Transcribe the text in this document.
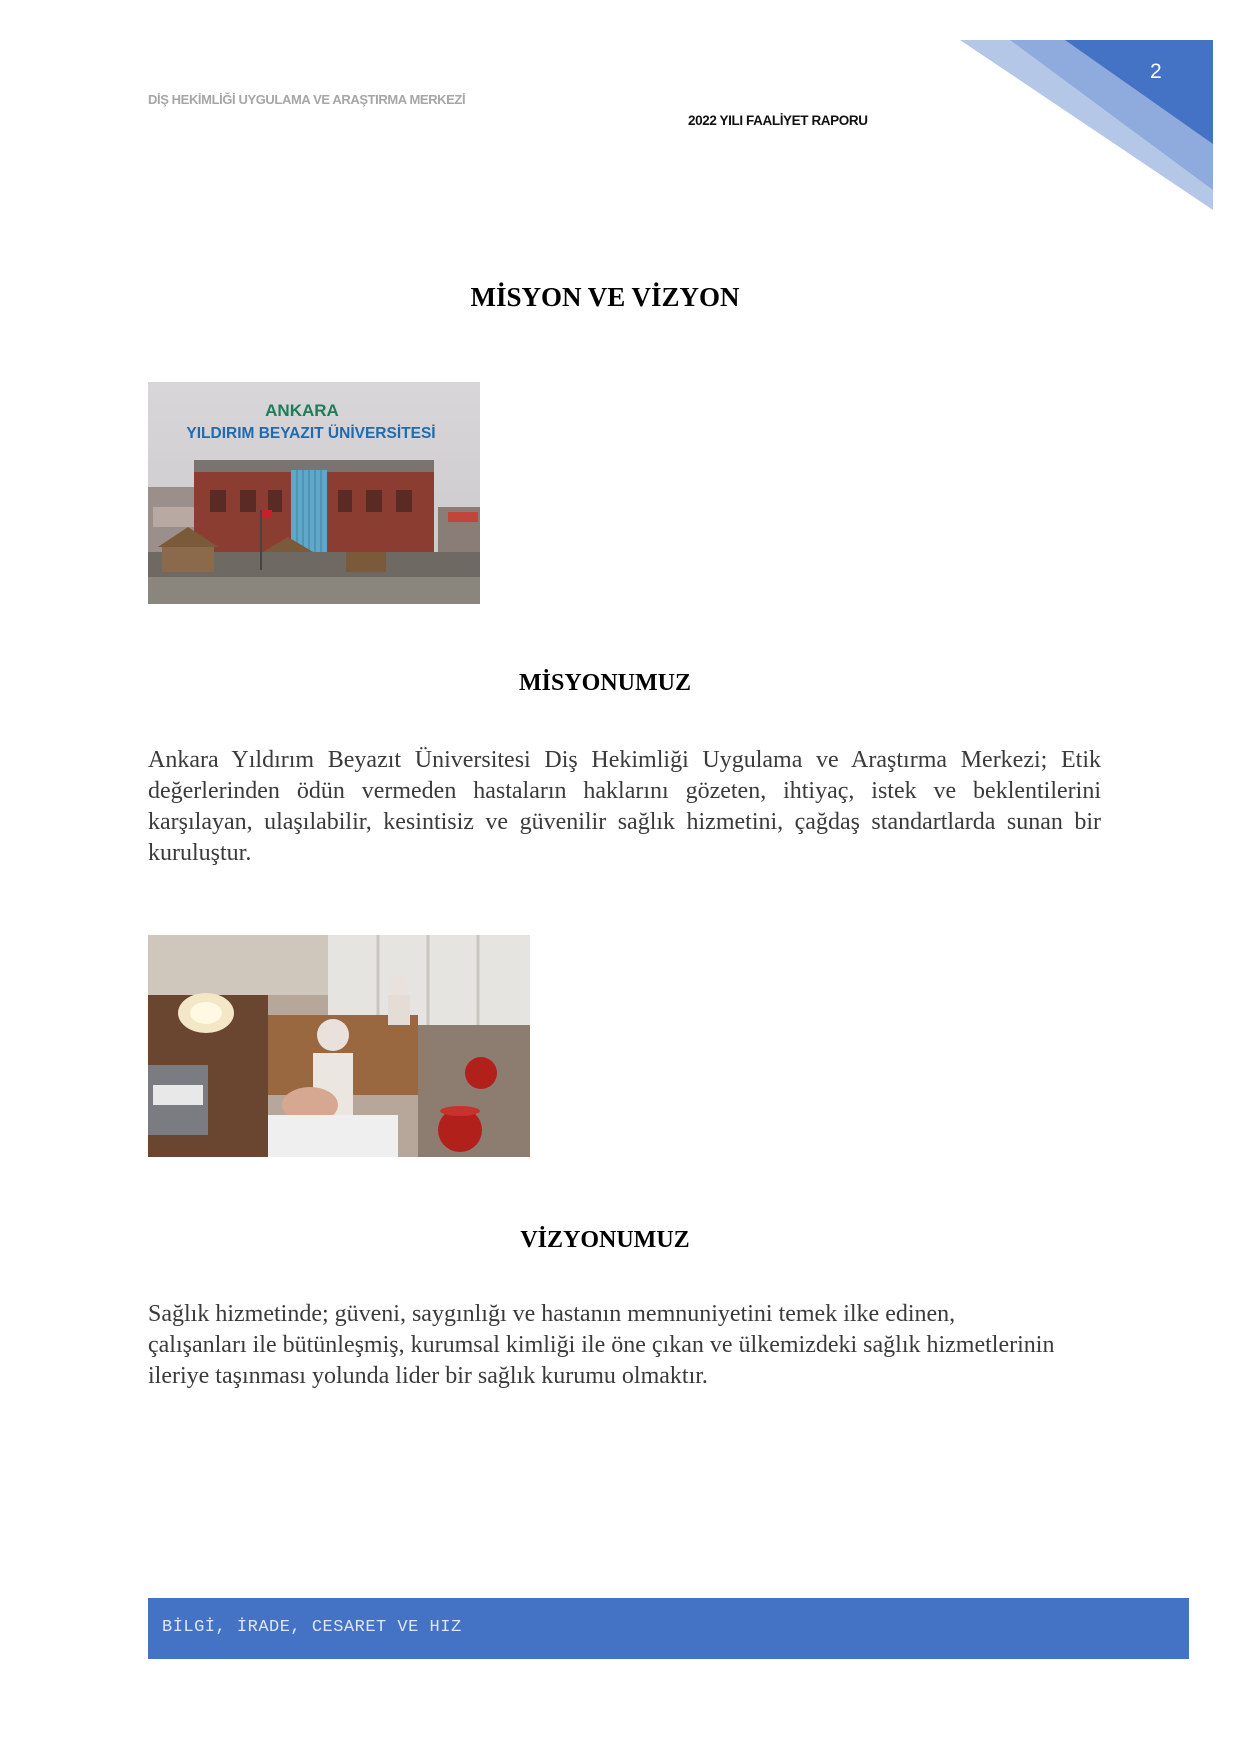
DİŞ HEKİMLİĞİ UYGULAMA VE ARAŞTIRMA MERKEZİ
2022 YILI FAALİYET RAPORU
2
MİSYON VE VİZYON
ANKARA
YILDIRIM BEYAZIT ÜNİVERSİTESİ
MİSYONUMUZ
Ankara Yıldırım Beyazıt Üniversitesi Diş Hekimliği Uygulama ve Araştırma Merkezi; Etik değerlerinden ödün vermeden hastaların haklarını gözeten, ihtiyaç, istek ve beklentilerini karşılayan, ulaşılabilir, kesintisiz ve güvenilir sağlık hizmetini, çağdaş standartlarda sunan bir kuruluştur.
VİZYONUMUZ
Sağlık hizmetinde; güveni, saygınlığı ve hastanın memnuniyetini temek ilke edinen,
çalışanları ile bütünleşmiş, kurumsal kimliği ile öne çıkan ve ülkemizdeki sağlık hizmetlerinin
ileriye taşınması yolunda lider bir sağlık kurumu olmaktır.
BİLGİ, İRADE, CESARET VE HIZ
